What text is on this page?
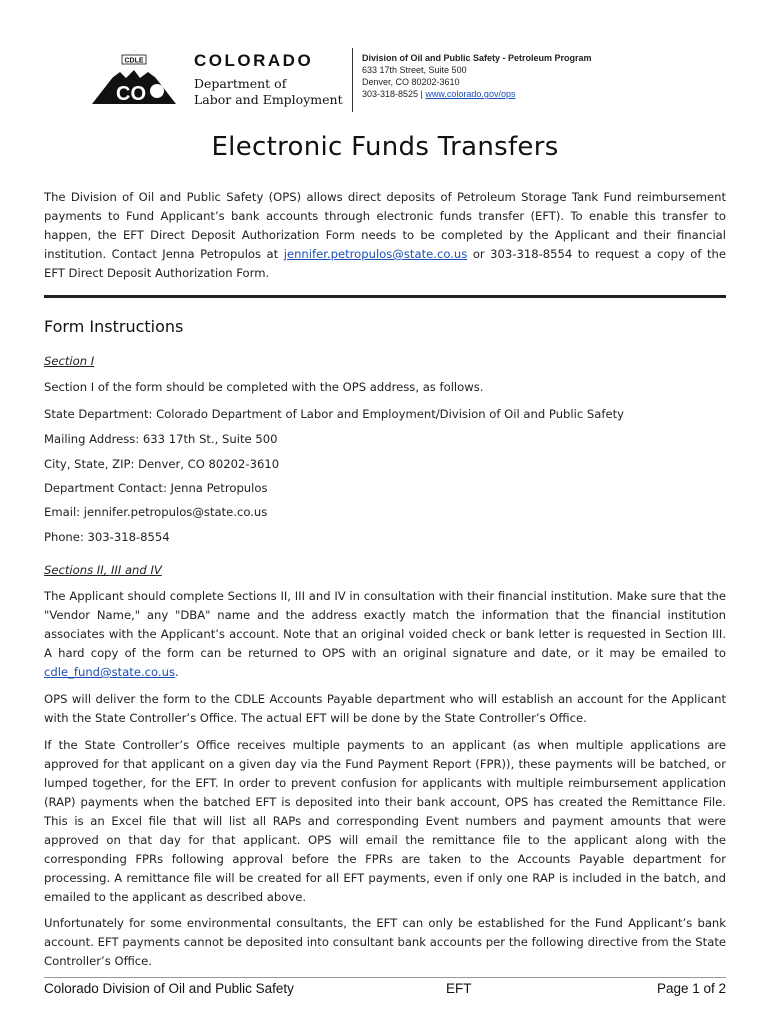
CDLE
CO
COLORADO
Department of
Labor and Employment
Division of Oil and Public Safety - Petroleum Program
633 17th Street, Suite 500
Denver, CO 80202-3610
303-318-8525 | www.colorado.gov/ops
Electronic Funds Transfers

The Division of Oil and Public Safety (OPS) allows direct deposits of Petroleum Storage Tank Fund reimbursement payments to Fund Applicant’s bank accounts through electronic funds transfer (EFT). To enable this transfer to happen, the EFT Direct Deposit Authorization Form needs to be completed by the Applicant and their financial institution. Contact Jenna Petropulos at jennifer.petropulos@state.co.us or 303-318-8554 to request a copy of the EFT Direct Deposit Authorization Form.

Form Instructions
Section I
Section I of the form should be completed with the OPS address, as follows.
State Department: Colorado Department of Labor and Employment/Division of Oil and Public Safety
Mailing Address: 633 17th St., Suite 500
City, State, ZIP: Denver, CO 80202-3610
Department Contact: Jenna Petropulos
Email: jennifer.petropulos@state.co.us
Phone: 303-318-8554
Sections II, III and IV

The Applicant should complete Sections II, III and IV in consultation with their financial institution. Make sure that the "Vendor Name," any "DBA" name and the address exactly match the information that the financial institution associates with the Applicant’s account. Note that an original voided check or bank letter is requested in Section III. A hard copy of the form can be returned to OPS with an original signature and date, or it may be emailed to cdle_fund@state.co.us.

OPS will deliver the form to the CDLE Accounts Payable department who will establish an account for the Applicant with the State Controller’s Office. The actual EFT will be done by the State Controller’s Office.

If the State Controller’s Office receives multiple payments to an applicant (as when multiple applications are approved for that applicant on a given day via the Fund Payment Report (FPR)), these payments will be batched, or lumped together, for the EFT. In order to prevent confusion for applicants with multiple reimbursement application (RAP) payments when the batched EFT is deposited into their bank account, OPS has created the Remittance File. This is an Excel file that will list all RAPs and corresponding Event numbers and payment amounts that were approved on that day for that applicant. OPS will email the remittance file to the applicant along with the corresponding FPRs following approval before the FPRs are taken to the Accounts Payable department for processing. A remittance file will be created for all EFT payments, even if only one RAP is included in the batch, and emailed to the applicant as described above.

Unfortunately for some environmental consultants, the EFT can only be established for the Fund Applicant’s bank account. EFT payments cannot be deposited into consultant bank accounts per the following directive from the State Controller’s Office.

Colorado Division of Oil and Public Safety	EFT	Page 1 of 2
